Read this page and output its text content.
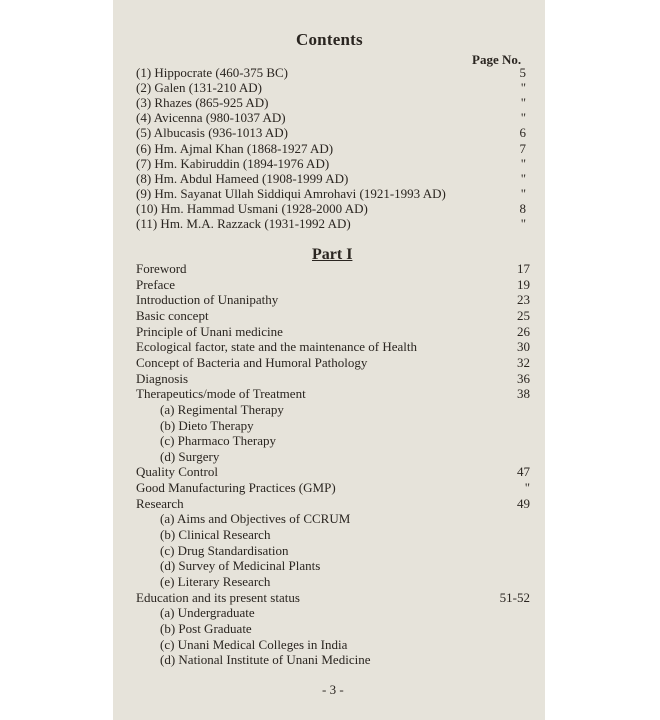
Contents
Page No.
(1) Hippocrate (460-375 BC)	5
(2) Galen (131-210 AD)	"
(3) Rhazes (865-925 AD)	"
(4) Avicenna (980-1037 AD)	"
(5) Albucasis (936-1013 AD)	6
(6) Hm. Ajmal Khan (1868-1927 AD)	7
(7) Hm. Kabiruddin (1894-1976 AD)	"
(8) Hm. Abdul Hameed (1908-1999 AD)	"
(9) Hm. Sayanat Ullah Siddiqui Amrohavi (1921-1993 AD)	"
(10) Hm. Hammad Usmani (1928-2000 AD)	8
(11) Hm. M.A. Razzack (1931-1992 AD)	"
Part I
Foreword	17
Preface	19
Introduction of Unanipathy	23
Basic concept	25
Principle of Unani medicine	26
Ecological factor, state and the maintenance of Health	30
Concept of Bacteria and Humoral Pathology	32
Diagnosis	36
Therapeutics/mode of Treatment	38
(a) Regimental Therapy
(b) Dieto Therapy
(c) Pharmaco Therapy
(d) Surgery
Quality Control	47
Good Manufacturing Practices (GMP)	"
Research	49
(a) Aims and Objectives of CCRUM
(b) Clinical Research
(c) Drug Standardisation
(d) Survey of Medicinal Plants
(e) Literary Research
Education and its present status	51-52
(a) Undergraduate
(b) Post Graduate
(c) Unani Medical Colleges in India
(d) National Institute of Unani Medicine
- 3 -
